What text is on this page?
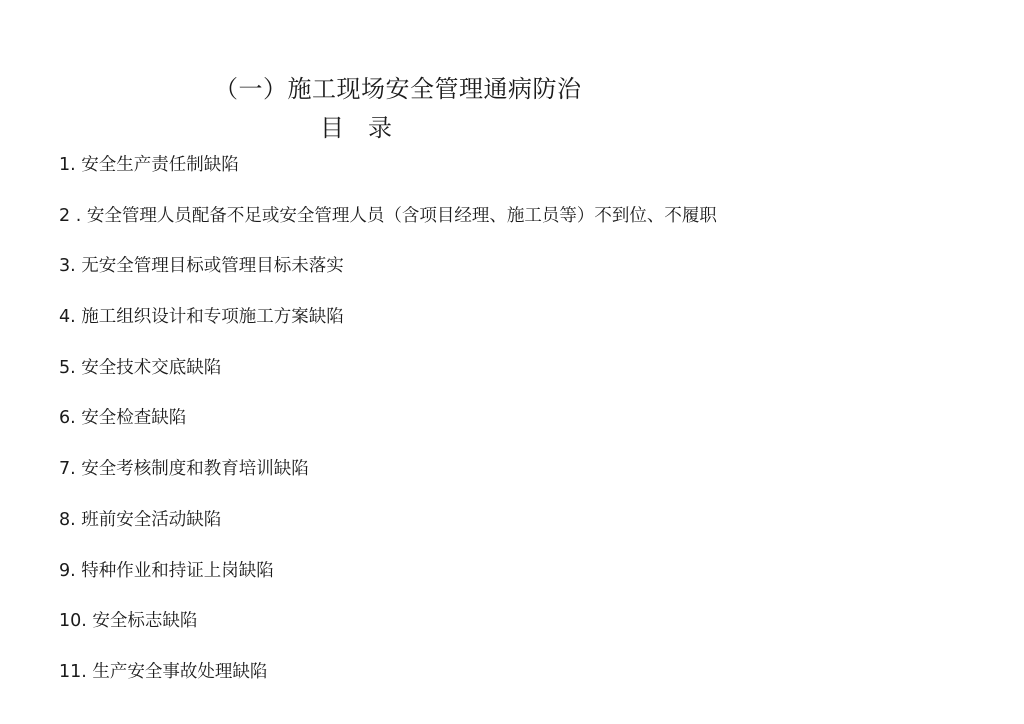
（一）施工现场安全管理通病防治
目　录
1. 安全生产责任制缺陷
2 . 安全管理人员配备不足或安全管理人员（含项目经理、施工员等）不到位、不履职
3. 无安全管理目标或管理目标未落实
4. 施工组织设计和专项施工方案缺陷
5. 安全技术交底缺陷
6. 安全检查缺陷
7. 安全考核制度和教育培训缺陷
8. 班前安全活动缺陷
9. 特种作业和持证上岗缺陷
10. 安全标志缺陷
11. 生产安全事故处理缺陷
